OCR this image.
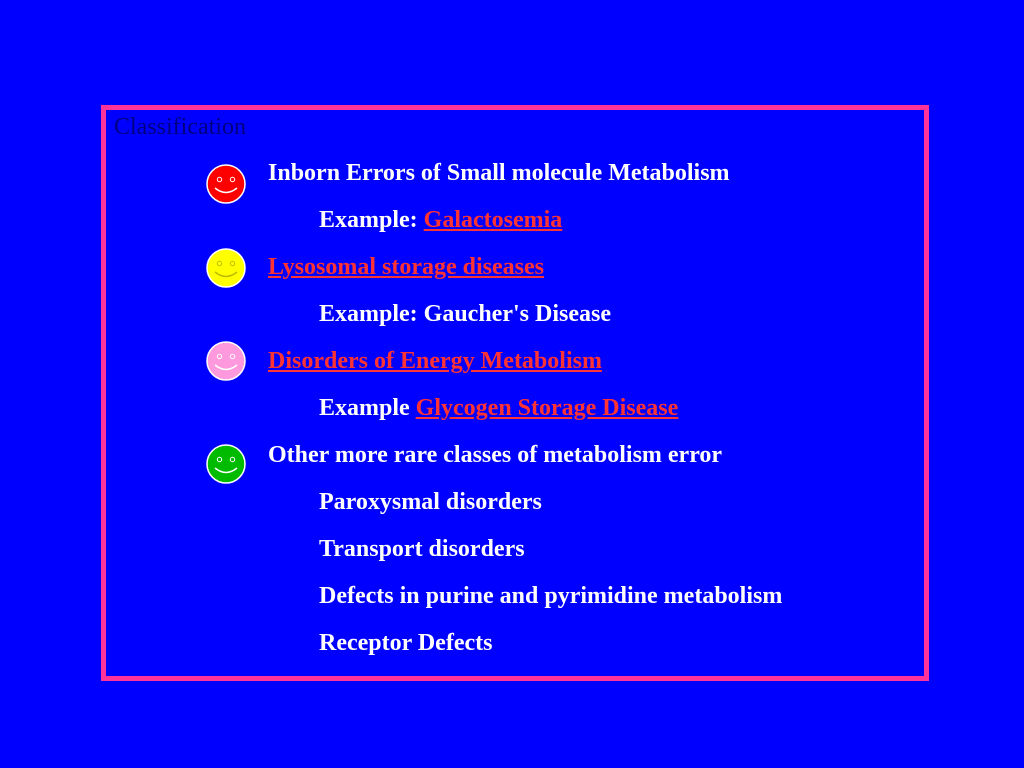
Classification
Inborn Errors of Small molecule Metabolism
Example: Galactosemia
Lysosomal storage diseases
Example: Gaucher's Disease
Disorders of Energy Metabolism
Example Glycogen Storage Disease
Other more rare classes of metabolism error
Paroxysmal disorders
Transport disorders
Defects in purine and pyrimidine metabolism
Receptor Defects
